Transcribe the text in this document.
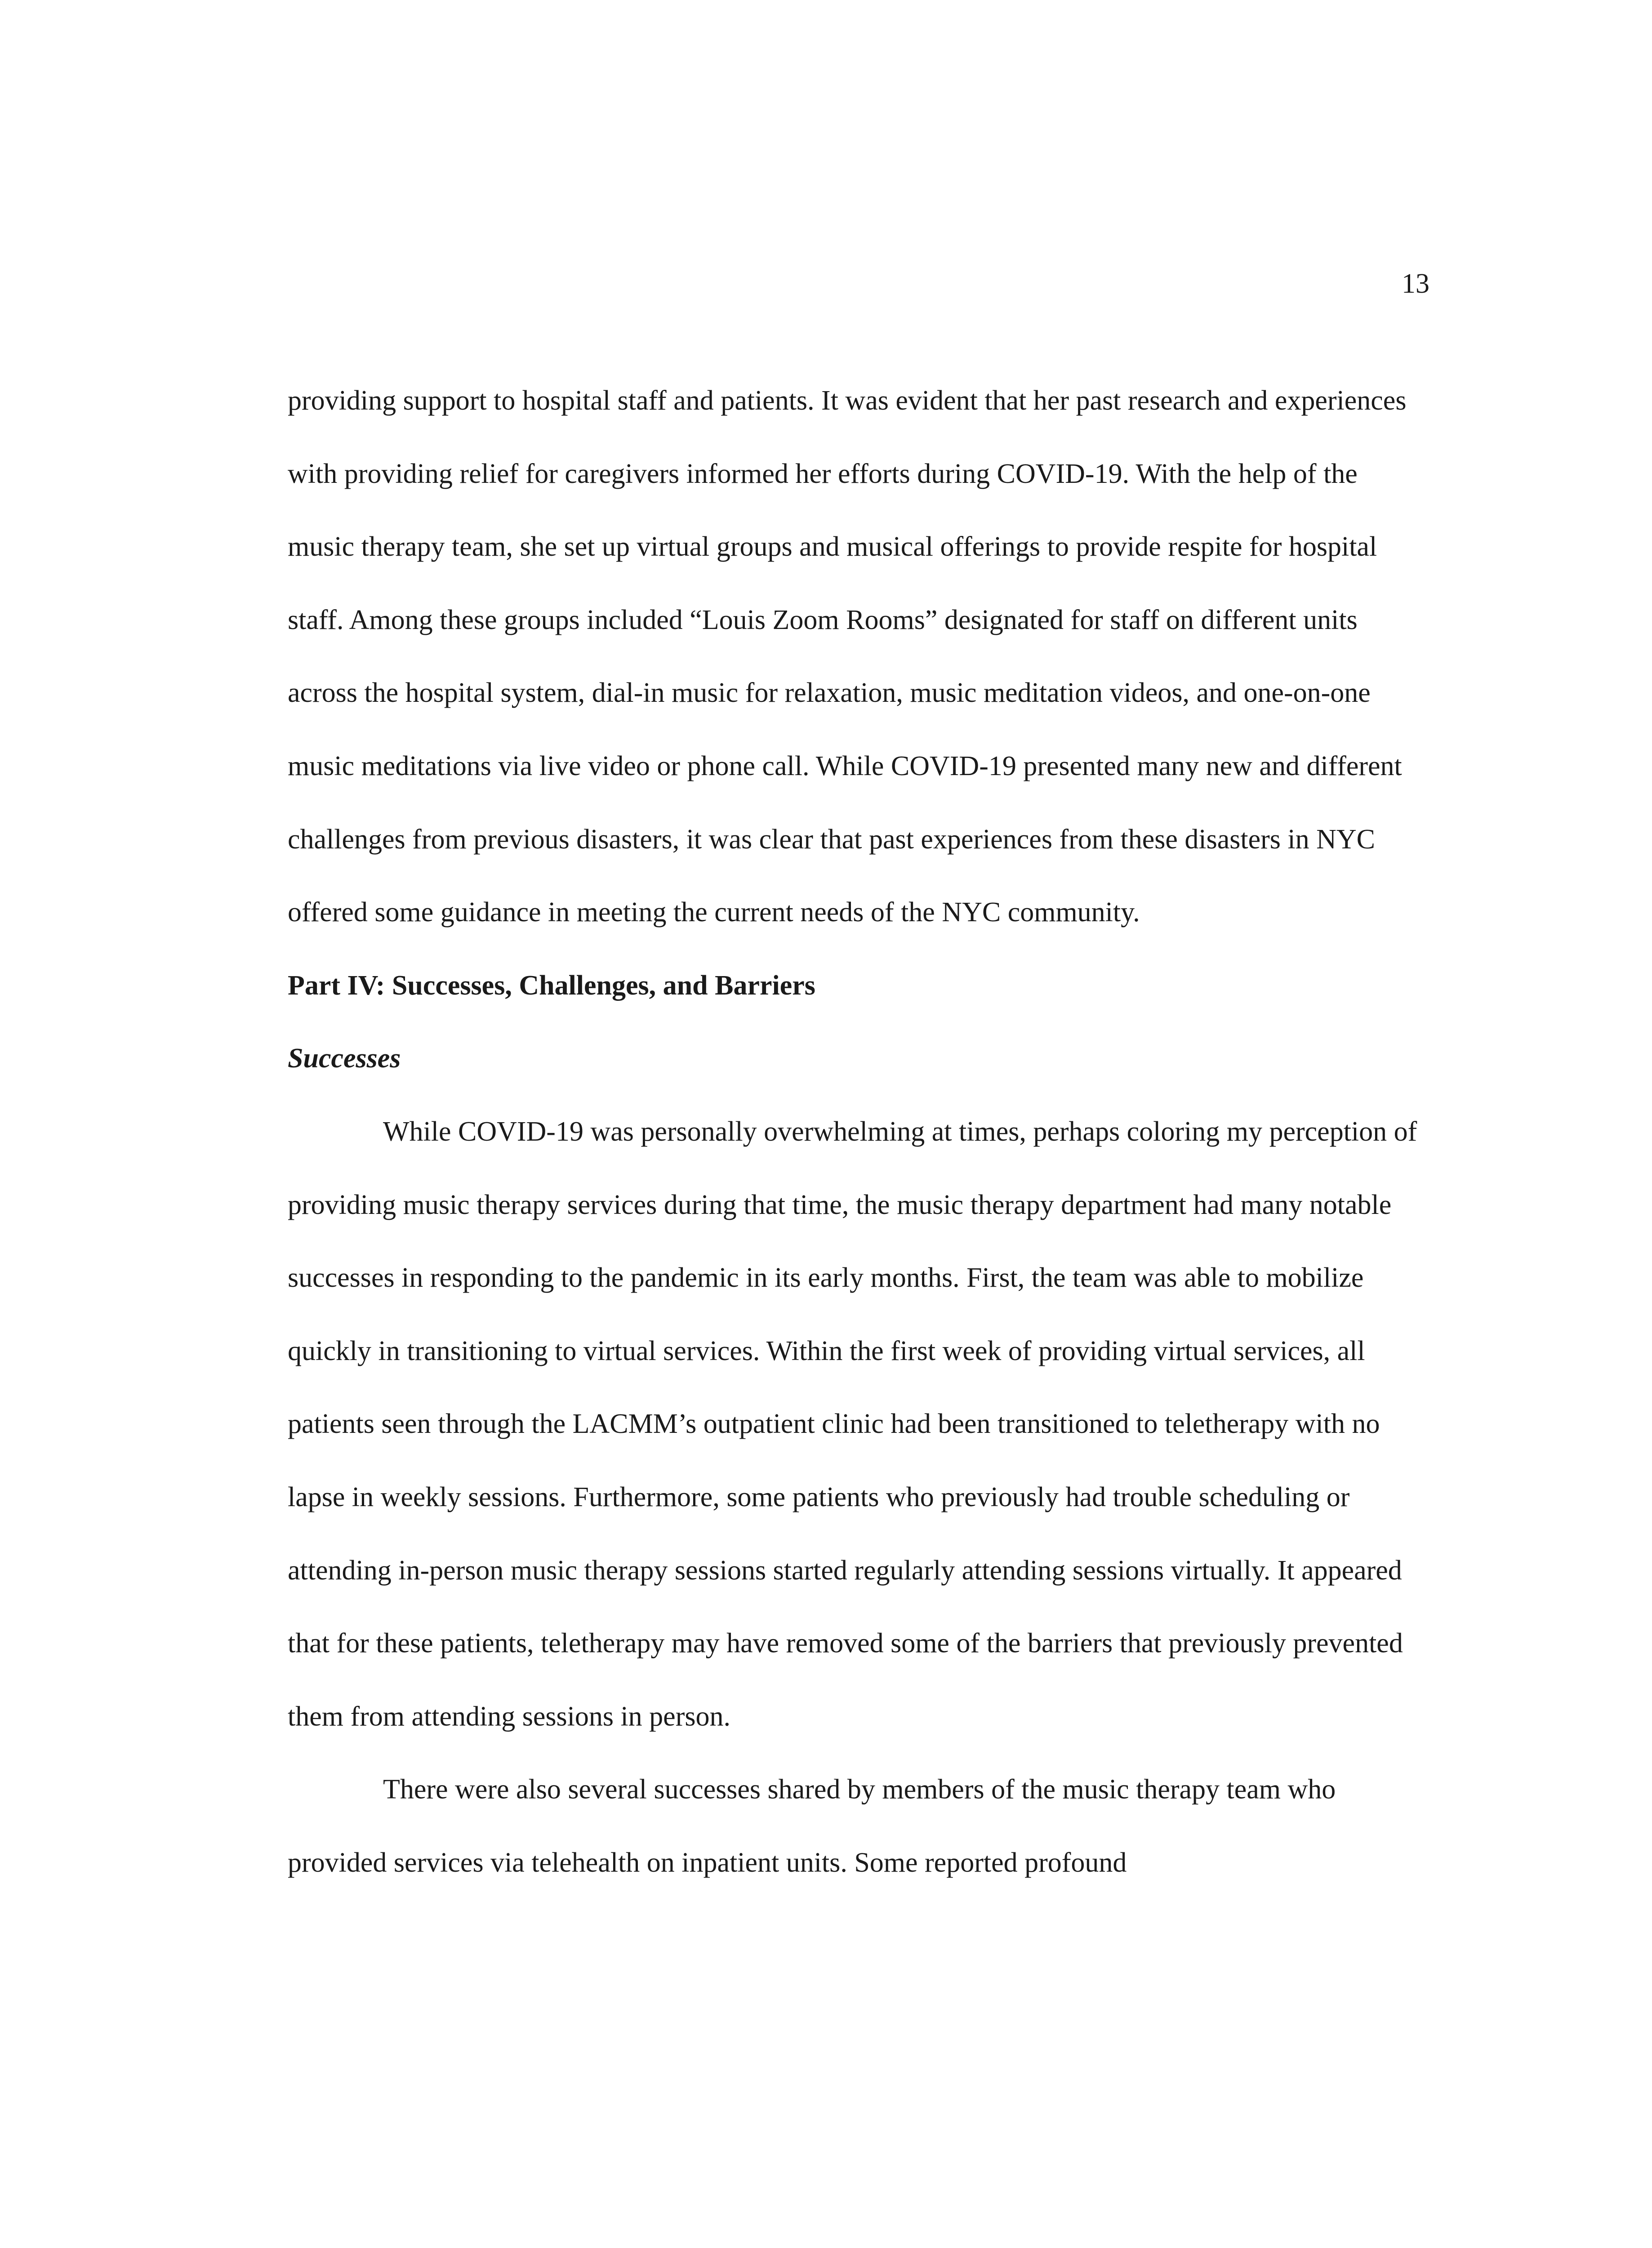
13

providing support to hospital staff and patients. It was evident that her past research and experiences with providing relief for caregivers informed her efforts during COVID-19. With the help of the music therapy team, she set up virtual groups and musical offerings to provide respite for hospital staff. Among these groups included “Louis Zoom Rooms” designated for staff on different units across the hospital system, dial-in music for relaxation, music meditation videos, and one-on-one music meditations via live video or phone call. While COVID-19 presented many new and different challenges from previous disasters, it was clear that past experiences from these disasters in NYC offered some guidance in meeting the current needs of the NYC community.

Part IV: Successes, Challenges, and Barriers
Successes

While COVID-19 was personally overwhelming at times, perhaps coloring my perception of providing music therapy services during that time, the music therapy department had many notable successes in responding to the pandemic in its early months. First, the team was able to mobilize quickly in transitioning to virtual services. Within the first week of providing virtual services, all patients seen through the LACMM’s outpatient clinic had been transitioned to teletherapy with no lapse in weekly sessions. Furthermore, some patients who previously had trouble scheduling or attending in-person music therapy sessions started regularly attending sessions virtually. It appeared that for these patients, teletherapy may have removed some of the barriers that previously prevented them from attending sessions in person.

There were also several successes shared by members of the music therapy team who provided services via telehealth on inpatient units. Some reported profound
